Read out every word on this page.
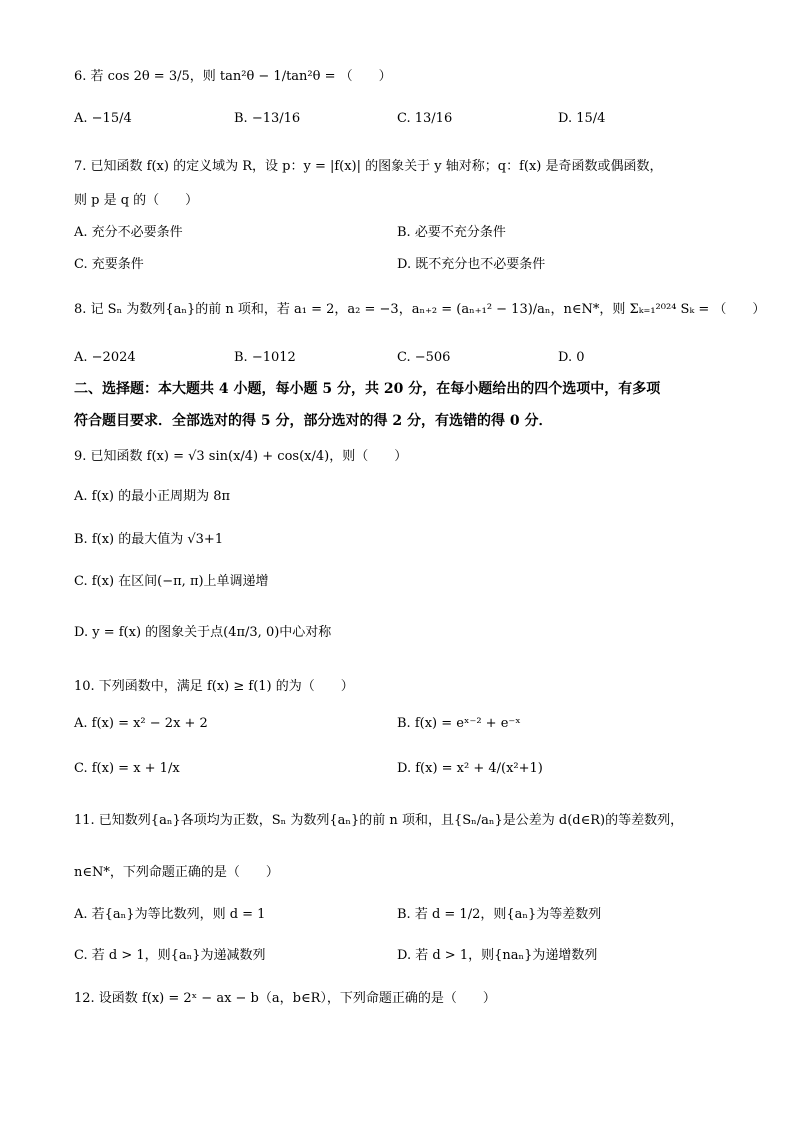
6. 若 cos 2θ = 3/5，则 tan²θ − 1/tan²θ = （　　）
A. −15/4	B. −13/16	C. 13/16	D. 15/4
7. 已知函数 f(x) 的定义域为 R，设 p：y = |f(x)| 的图象关于 y 轴对称；q：f(x) 是奇函数或偶函数，
则 p 是 q 的（　　）
A. 充分不必要条件	B. 必要不充分条件
C. 充要条件	D. 既不充分也不必要条件
8. 记 Sₙ 为数列{aₙ}的前 n 项和，若 a₁ = 2，a₂ = −3，aₙ₊₂ = (aₙ₊₁² − 13)/aₙ，n∈N*，则 Σₖ₌₁²⁰²⁴ Sₖ = （　　）
A. −2024	B. −1012	C. −506	D. 0
二、选择题：本大题共 4 小题，每小题 5 分，共 20 分，在每小题给出的四个选项中，有多项
符合题目要求．全部选对的得 5 分，部分选对的得 2 分，有选错的得 0 分．
9. 已知函数 f(x) = √3 sin(x/4) + cos(x/4)，则（　　）
A. f(x) 的最小正周期为 8π
B. f(x) 的最大值为 √3+1
C. f(x) 在区间(−π, π)上单调递增
D. y = f(x) 的图象关于点(4π/3, 0)中心对称
10. 下列函数中，满足 f(x) ≥ f(1) 的为（　　）
A. f(x) = x² − 2x + 2	B. f(x) = eˣ⁻² + e⁻ˣ
C. f(x) = x + 1/x	D. f(x) = x² + 4/(x²+1)
11. 已知数列{aₙ}各项均为正数，Sₙ 为数列{aₙ}的前 n 项和，且{Sₙ/aₙ}是公差为 d(d∈R)的等差数列，
n∈N*，下列命题正确的是（　　）
A. 若{aₙ}为等比数列，则 d = 1	B. 若 d = 1/2，则{aₙ}为等差数列
C. 若 d > 1，则{aₙ}为递减数列	D. 若 d > 1，则{naₙ}为递增数列
12. 设函数 f(x) = 2ˣ − ax − b（a，b∈R），下列命题正确的是（　　）
